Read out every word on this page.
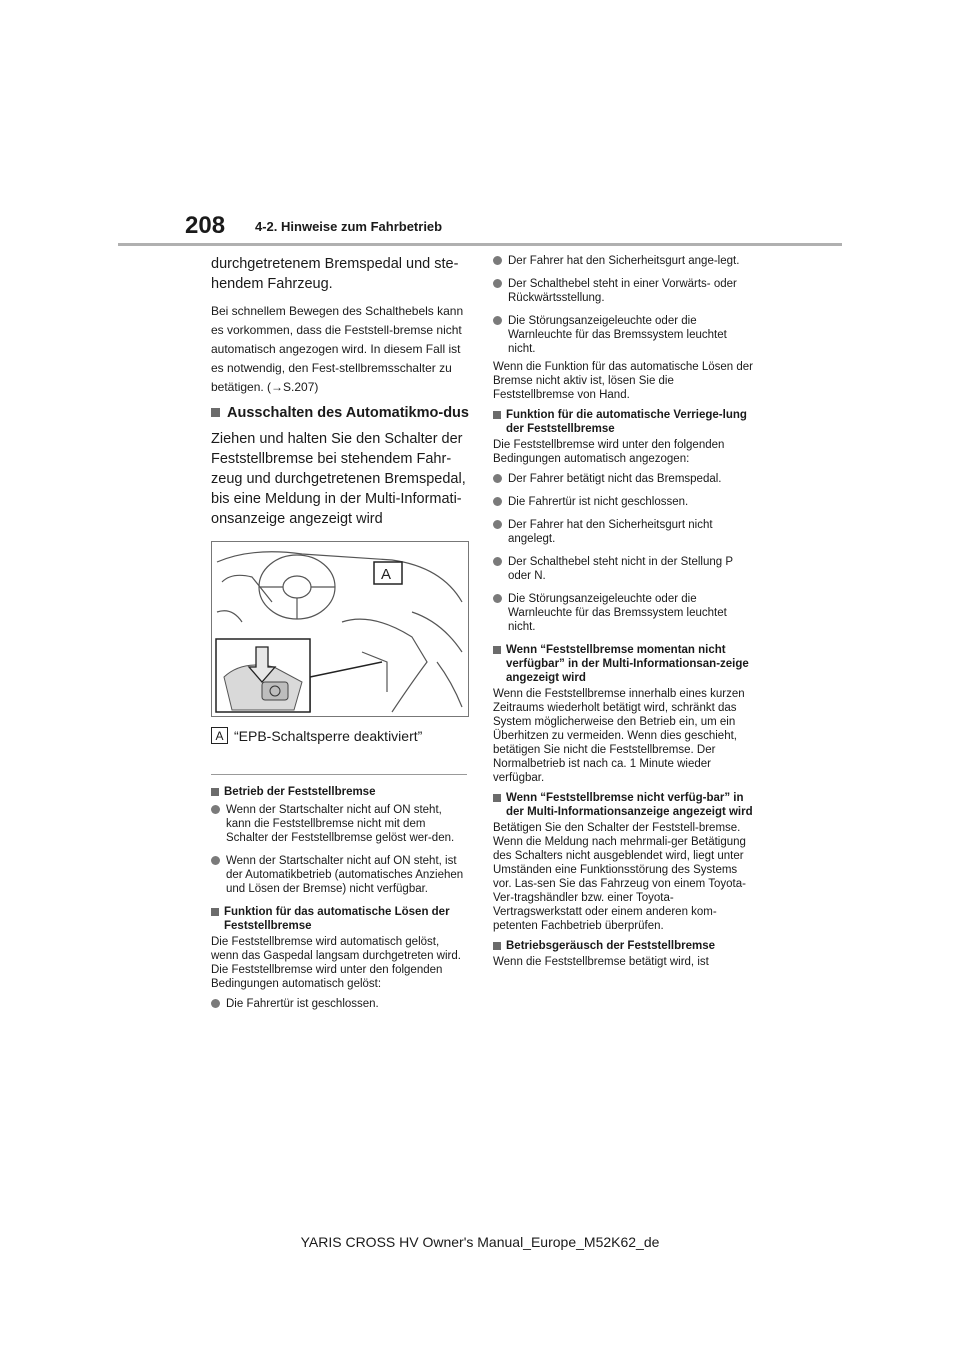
208 4-2. Hinweise zum Fahrbetrieb

durchgetretenem Bremspedal und ste-hendem Fahrzeug.

Bei schnellem Bewegen des Schalthebels kann es vorkommen, dass die Feststell-bremse nicht automatisch angezogen wird. In diesem Fall ist es notwendig, den Fest-stellbremsschalter zu betätigen. (→S.207)

Ausschalten des Automatikmo-dus

Ziehen und halten Sie den Schalter der Feststellbremse bei stehendem Fahr-zeug und durchgetretenen Bremspedal, bis eine Meldung in der Multi-Informati-onsanzeige angezeigt wird

A
A “EPB-Schaltsperre deaktiviert”
Betrieb der Feststellbremse
Wenn der Startschalter nicht auf ON steht, kann die Feststellbremse nicht mit dem Schalter der Feststellbremse gelöst wer-den.
Wenn der Startschalter nicht auf ON steht, ist der Automatikbetrieb (automatisches Anziehen und Lösen der Bremse) nicht verfügbar.
Funktion für das automatische Lösen der Feststellbremse

Die Feststellbremse wird automatisch gelöst, wenn das Gaspedal langsam durchgetreten wird.

Die Feststellbremse wird unter den folgenden Bedingungen automatisch gelöst:

Die Fahrertür ist geschlossen.
Der Fahrer hat den Sicherheitsgurt ange-legt.
Der Schalthebel steht in einer Vorwärts- oder Rückwärtsstellung.
Die Störungsanzeigeleuchte oder die Warnleuchte für das Bremssystem leuchtet nicht.

Wenn die Funktion für das automatische Lösen der Bremse nicht aktiv ist, lösen Sie die Feststellbremse von Hand.

Funktion für die automatische Verriege-lung der Feststellbremse

Die Feststellbremse wird unter den folgenden Bedingungen automatisch angezogen:

Der Fahrer betätigt nicht das Bremspedal.
Die Fahrertür ist nicht geschlossen.
Der Fahrer hat den Sicherheitsgurt nicht angelegt.
Der Schalthebel steht nicht in der Stellung P oder N.
Die Störungsanzeigeleuchte oder die Warnleuchte für das Bremssystem leuchtet nicht.
Wenn “Feststellbremse momentan nicht verfügbar” in der Multi-Informationsan-zeige angezeigt wird

Wenn die Feststellbremse innerhalb eines kurzen Zeitraums wiederholt betätigt wird, schränkt das System möglicherweise den Betrieb ein, um ein Überhitzen zu vermeiden. Wenn dies geschieht, betätigen Sie nicht die Feststellbremse. Der Normalbetrieb ist nach ca. 1 Minute wieder verfügbar.

Wenn “Feststellbremse nicht verfüg-bar” in der Multi-Informationsanzeige angezeigt wird

Betätigen Sie den Schalter der Feststell-bremse. Wenn die Meldung nach mehrmali-ger Betätigung des Schalters nicht ausgeblendet wird, liegt unter Umständen eine Funktionsstörung des Systems vor. Las-sen Sie das Fahrzeug von einem Toyota-Ver-tragshändler bzw. einer Toyota-Vertragswerkstatt oder einem anderen kom-petenten Fachbetrieb überprüfen.

Betriebsgeräusch der Feststellbremse

Wenn die Feststellbremse betätigt wird, ist

YARIS CROSS HV Owner's Manual_Europe_M52K62_de
